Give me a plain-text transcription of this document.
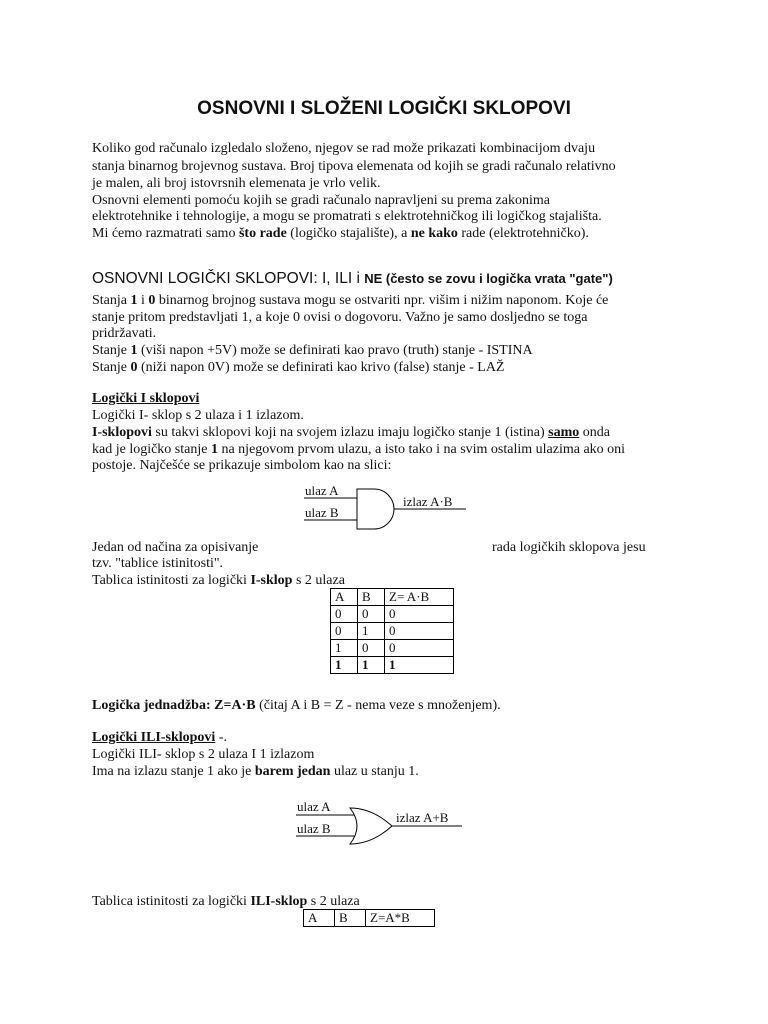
OSNOVNI I SLOŽENI LOGIČKI SKLOPOVI
Koliko god računalo izgledalo složeno, njegov se rad može prikazati kombinacijom dvaju
stanja binarnog brojevnog sustava. Broj tipova elemenata od kojih se gradi računalo relativno
je malen, ali broj istovrsnih elemenata je vrlo velik.
Osnovni elementi pomoću kojih se gradi računalo napravljeni su prema zakonima
elektrotehnike i tehnologije, a mogu se promatrati s elektrotehničkog ili logičkog stajališta.
Mi ćemo razmatrati samo što rade (logičko stajalište), a ne kako rade (elektrotehničko).
OSNOVNI LOGIČKI SKLOPOVI: I, ILI i NE (često se zovu i logička vrata "gate")
Stanja 1 i 0 binarnog brojnog sustava mogu se ostvariti npr. višim i nižim naponom. Koje će
stanje pritom predstavljati 1, a koje 0 ovisi o dogovoru. Važno je samo dosljedno se toga
pridržavati.
Stanje 1 (viši napon +5V) može se definirati kao pravo (truth) stanje - ISTINA
Stanje 0 (niži napon 0V) može se definirati kao krivo (false) stanje - LAŽ
Logički I sklopovi
Logički I- sklop s 2 ulaza i 1 izlazom.
I-sklopovi su takvi sklopovi koji na svojem izlazu imaju logičko stanje 1 (istina) samo onda
kad je logičko stanje 1 na njegovom prvom ulazu, a isto tako i na svim ostalim ulazima ako oni
postoje. Najčešće se prikazuje simbolom kao na slici:
ulaz A
ulaz B
izlaz A·B
Jedan od načina za opisivanje	rada logičkih sklopova jesu
tzv. "tablice istinitosti".
Tablica istinitosti za logički I-sklop s 2 ulaza
A	B	Z= A·B
0	0	0
0	1	0
1	0	0
1	1	1
Logička jednadžba: Z=A·B (čitaj A i B = Z - nema veze s množenjem).
Logički ILI-sklopovi -.
Logički ILI- sklop s 2 ulaza I 1 izlazom
Ima na izlazu stanje 1 ako je barem jedan ulaz u stanju 1.
ulaz A
ulaz B
izlaz A+B
Tablica istinitosti za logički ILI-sklop s 2 ulaza
A	B	Z=A*B
